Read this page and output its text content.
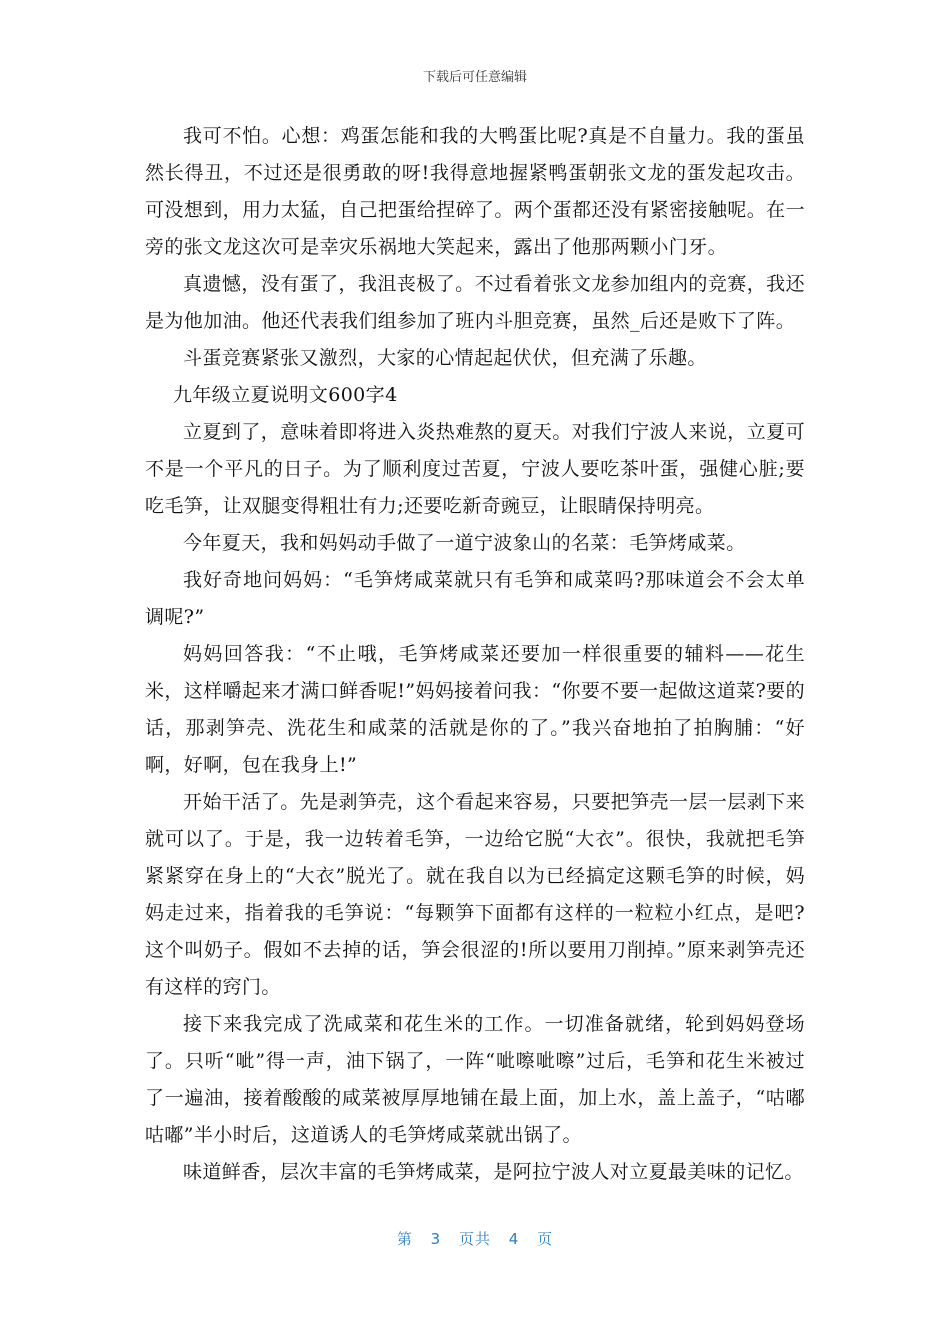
下载后可任意编辑

我可不怕。心想：鸡蛋怎能和我的大鸭蛋比呢?真是不自量力。我的蛋虽然长得丑，不过还是很勇敢的呀!我得意地握紧鸭蛋朝张文龙的蛋发起攻击。可没想到，用力太猛，自己把蛋给捏碎了。两个蛋都还没有紧密接触呢。在一旁的张文龙这次可是幸灾乐祸地大笑起来，露出了他那两颗小门牙。

真遗憾，没有蛋了，我沮丧极了。不过看着张文龙参加组内的竞赛，我还是为他加油。他还代表我们组参加了班内斗胆竞赛，虽然_后还是败下了阵。

斗蛋竞赛紧张又激烈，大家的心情起起伏伏，但充满了乐趣。

九年级立夏说明文600字4

立夏到了，意味着即将进入炎热难熬的夏天。对我们宁波人来说，立夏可不是一个平凡的日子。为了顺利度过苦夏，宁波人要吃茶叶蛋，强健心脏;要吃毛笋，让双腿变得粗壮有力;还要吃新奇豌豆，让眼睛保持明亮。

今年夏天，我和妈妈动手做了一道宁波象山的名菜：毛笋烤咸菜。

我好奇地问妈妈：“毛笋烤咸菜就只有毛笋和咸菜吗?那味道会不会太单调呢?”

妈妈回答我：“不止哦，毛笋烤咸菜还要加一样很重要的辅料——花生米，这样嚼起来才满口鲜香呢!”妈妈接着问我：“你要不要一起做这道菜?要的话，那剥笋壳、洗花生和咸菜的活就是你的了。”我兴奋地拍了拍胸脯：“好啊，好啊，包在我身上!”

开始干活了。先是剥笋壳，这个看起来容易，只要把笋壳一层一层剥下来就可以了。于是，我一边转着毛笋，一边给它脱“大衣”。很快，我就把毛笋紧紧穿在身上的“大衣”脱光了。就在我自以为已经搞定这颗毛笋的时候，妈妈走过来，指着我的毛笋说：“每颗笋下面都有这样的一粒粒小红点，是吧?这个叫奶子。假如不去掉的话，笋会很涩的!所以要用刀削掉。”原来剥笋壳还有这样的窍门。

接下来我完成了洗咸菜和花生米的工作。一切准备就绪，轮到妈妈登场了。只听“呲”得一声，油下锅了，一阵“呲嚓呲嚓”过后，毛笋和花生米被过了一遍油，接着酸酸的咸菜被厚厚地铺在最上面，加上水，盖上盖子，“咕嘟咕嘟”半小时后，这道诱人的毛笋烤咸菜就出锅了。

味道鲜香，层次丰富的毛笋烤咸菜，是阿拉宁波人对立夏最美味的记忆。

第 3 页共 4 页
